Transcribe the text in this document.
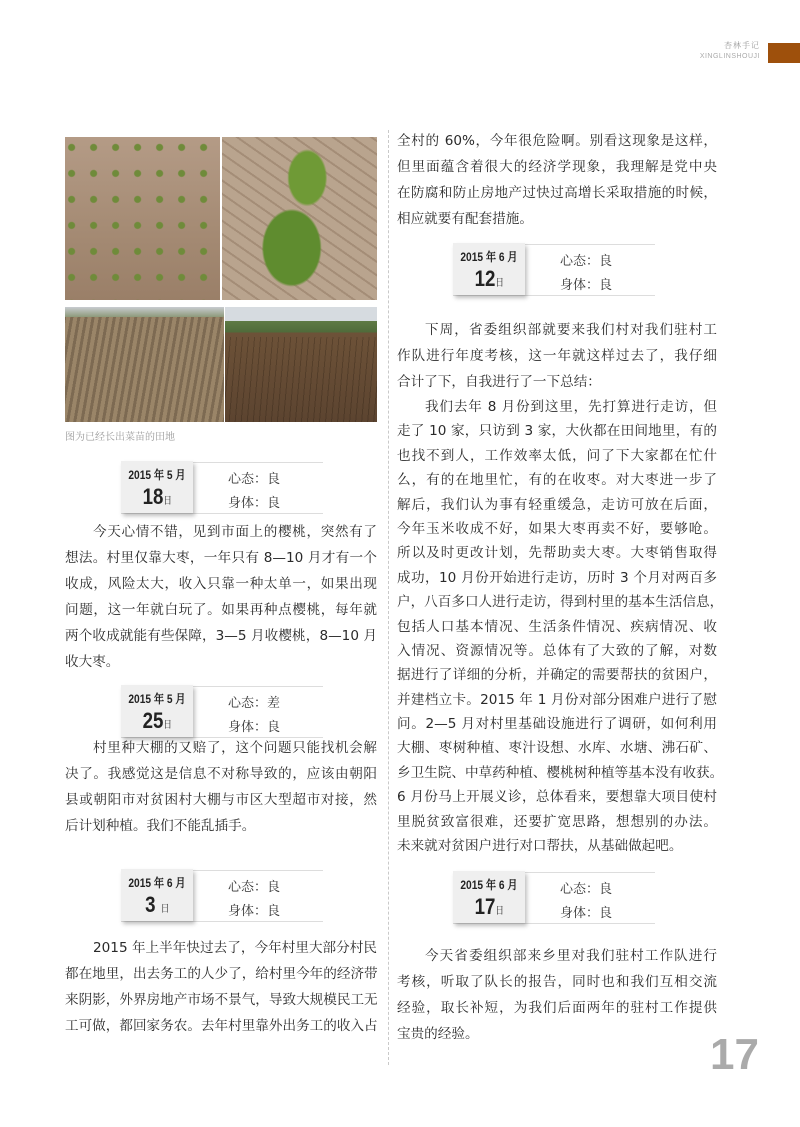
杏林手记
XINGLINSHOUJI
图为已经长出菜苗的田地
2015 年 5 月
18日
心态：良
身体：良
2015 年 5 月
25日
心态：差
身体：良
2015 年 6 月
3 日
心态：良
身体：良
2015 年 6 月
12日
心态：良
身体：良
2015 年 6 月
17日
心态：良
身体：良
今天心情不错，见到市面上的樱桃，突然有了
想法。村里仅靠大枣，一年只有 8—10 月才有一个
收成，风险太大，收入只靠一种太单一，如果出现
问题，这一年就白玩了。如果再种点樱桃，每年就
两个收成就能有些保障，3—5 月收樱桃，8—10 月
收大枣。
村里种大棚的又赔了，这个问题只能找机会解
决了。我感觉这是信息不对称导致的，应该由朝阳
县或朝阳市对贫困村大棚与市区大型超市对接，然
后计划种植。我们不能乱插手。
2015 年上半年快过去了，今年村里大部分村民
都在地里，出去务工的人少了，给村里今年的经济带
来阴影，外界房地产市场不景气，导致大规模民工无
工可做，都回家务农。去年村里靠外出务工的收入占
全村的 60%，今年很危险啊。别看这现象是这样，
但里面蕴含着很大的经济学现象，我理解是党中央
在防腐和防止房地产过快过高增长采取措施的时候，
相应就要有配套措施。
下周，省委组织部就要来我们村对我们驻村工
作队进行年度考核，这一年就这样过去了，我仔细
合计了下，自我进行了一下总结：
我们去年 8 月份到这里，先打算进行走访，但
走了 10 家，只访到 3 家，大伙都在田间地里，有的
也找不到人，工作效率太低，问了下大家都在忙什
么，有的在地里忙，有的在收枣。对大枣进一步了
解后，我们认为事有轻重缓急，走访可放在后面，
今年玉米收成不好，如果大枣再卖不好，要够呛。
所以及时更改计划，先帮助卖大枣。大枣销售取得
成功，10 月份开始进行走访，历时 3 个月对两百多
户，八百多口人进行走访，得到村里的基本生活信息，
包括人口基本情况、生活条件情况、疾病情况、收
入情况、资源情况等。总体有了大致的了解，对数
据进行了详细的分析，并确定的需要帮扶的贫困户，
并建档立卡。2015 年 1 月份对部分困难户进行了慰
问。2—5 月对村里基础设施进行了调研，如何利用
大棚、枣树种植、枣汁设想、水库、水塘、沸石矿、
乡卫生院、中草药种植、樱桃树种植等基本没有收获。
6 月份马上开展义诊，总体看来，要想靠大项目使村
里脱贫致富很难，还要扩宽思路，想想别的办法。
未来就对贫困户进行对口帮扶，从基础做起吧。
今天省委组织部来乡里对我们驻村工作队进行
考核，听取了队长的报告，同时也和我们互相交流
经验，取长补短，为我们后面两年的驻村工作提供
宝贵的经验。	17
